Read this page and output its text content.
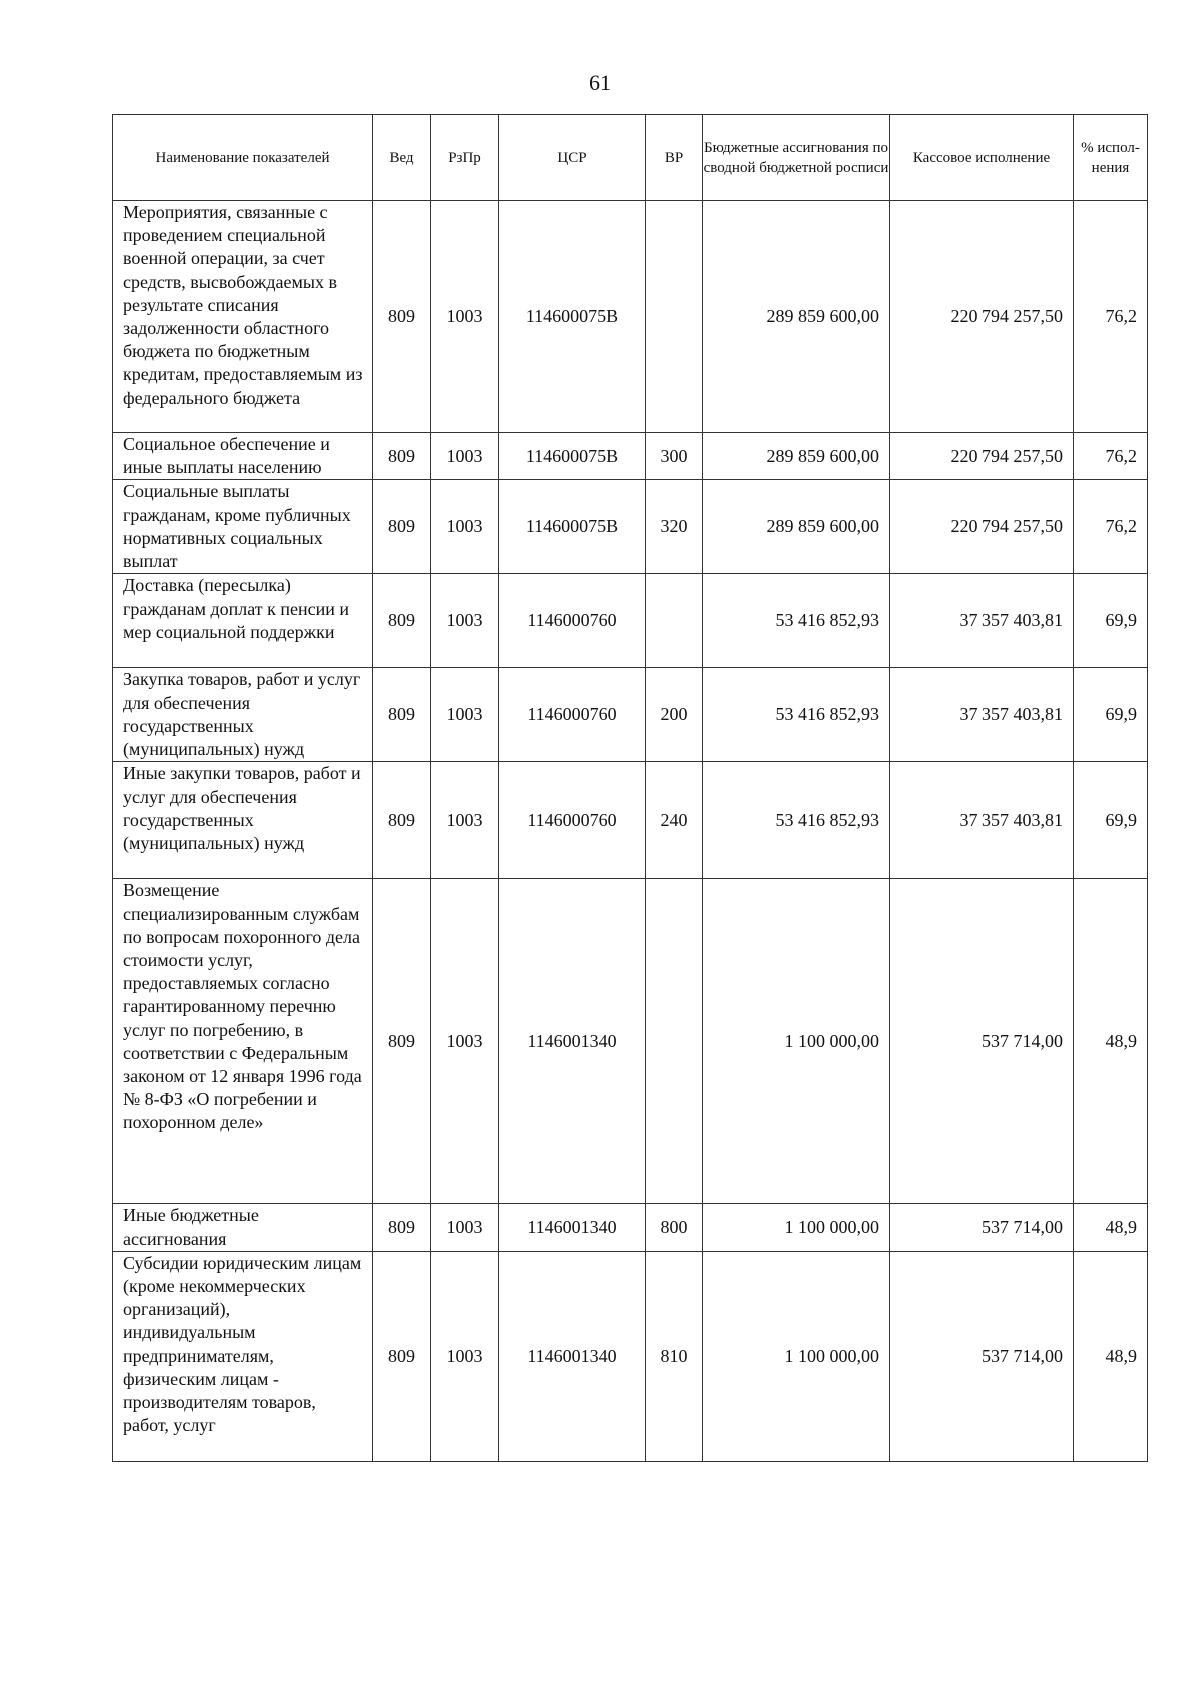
61
Наименование показателей	Вед	РзПр	ЦСР	ВР	Бюджетные ассигнования по сводной бюджетной росписи	Кассовое исполнение	% испол-нения
Мероприятия, связанные с проведением специальной военной операции, за счет средств, высвобождаемых в результате списания задолженности областного бюджета по бюджетным кредитам, предоставляемым из федерального бюджета	809	1003	114600075В		289 859 600,00	220 794 257,50	76,2
Социальное обеспечение и иные выплаты населению	809	1003	114600075В	300	289 859 600,00	220 794 257,50	76,2
Социальные выплаты гражданам, кроме публичных нормативных социальных выплат	809	1003	114600075В	320	289 859 600,00	220 794 257,50	76,2
Доставка (пересылка) гражданам доплат к пенсии и мер социальной поддержки	809	1003	1146000760		53 416 852,93	37 357 403,81	69,9
Закупка товаров, работ и услуг для обеспечения государственных (муниципальных) нужд	809	1003	1146000760	200	53 416 852,93	37 357 403,81	69,9
Иные закупки товаров, работ и услуг для обеспечения государственных (муниципальных) нужд	809	1003	1146000760	240	53 416 852,93	37 357 403,81	69,9
Возмещение специализированным службам по вопросам похоронного дела стоимости услуг, предоставляемых согласно гарантированному перечню услуг по погребению, в соответствии с Федеральным законом от 12 января 1996 года № 8-ФЗ «О погребении и похоронном деле»	809	1003	1146001340		1 100 000,00	537 714,00	48,9
Иные бюджетные ассигнования	809	1003	1146001340	800	1 100 000,00	537 714,00	48,9
Субсидии юридическим лицам (кроме некоммерческих организаций), индивидуальным предпринимателям, физическим лицам - производителям товаров, работ, услуг	809	1003	1146001340	810	1 100 000,00	537 714,00	48,9
